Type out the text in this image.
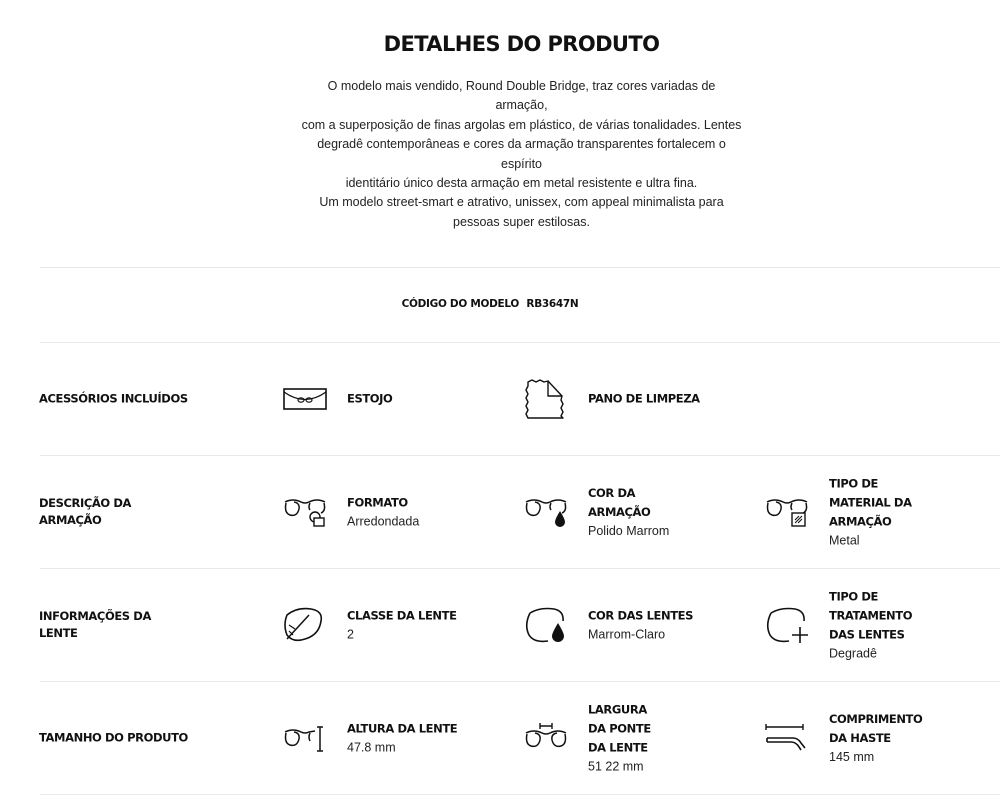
DETALHES DO PRODUTO

O modelo mais vendido, Round Double Bridge, traz cores variadas de armação,
com a superposição de finas argolas em plástico, de várias tonalidades. Lentes
degradê contemporâneas e cores da armação transparentes fortalecem o espírito
identitário único desta armação em metal resistente e ultra fina.
Um modelo street-smart e atrativo, unissex, com appeal minimalista para
pessoas super estilosas.

CÓDIGO DO MODELO RB3647N
ACESSÓRIOS INCLUÍDOS	ESTOJO	PANO DE LIMPEZA
DESCRIÇÃO DA ARMAÇÃO
FORMATO
Arredondada
COR DA ARMAÇÃO
Polido Marrom
TIPO DE MATERIAL DA ARMAÇÃO
Metal
INFORMAÇÕES DA LENTE
CLASSE DA LENTE
2
COR DAS LENTES
Marrom-Claro
TIPO DE TRATAMENTO DAS LENTES
Degradê
TAMANHO DO PRODUTO
ALTURA DA LENTE
47.8 mm
LARGURA DA PONTE DA LENTE
51 22 mm
COMPRIMENTO DA HASTE
145 mm
